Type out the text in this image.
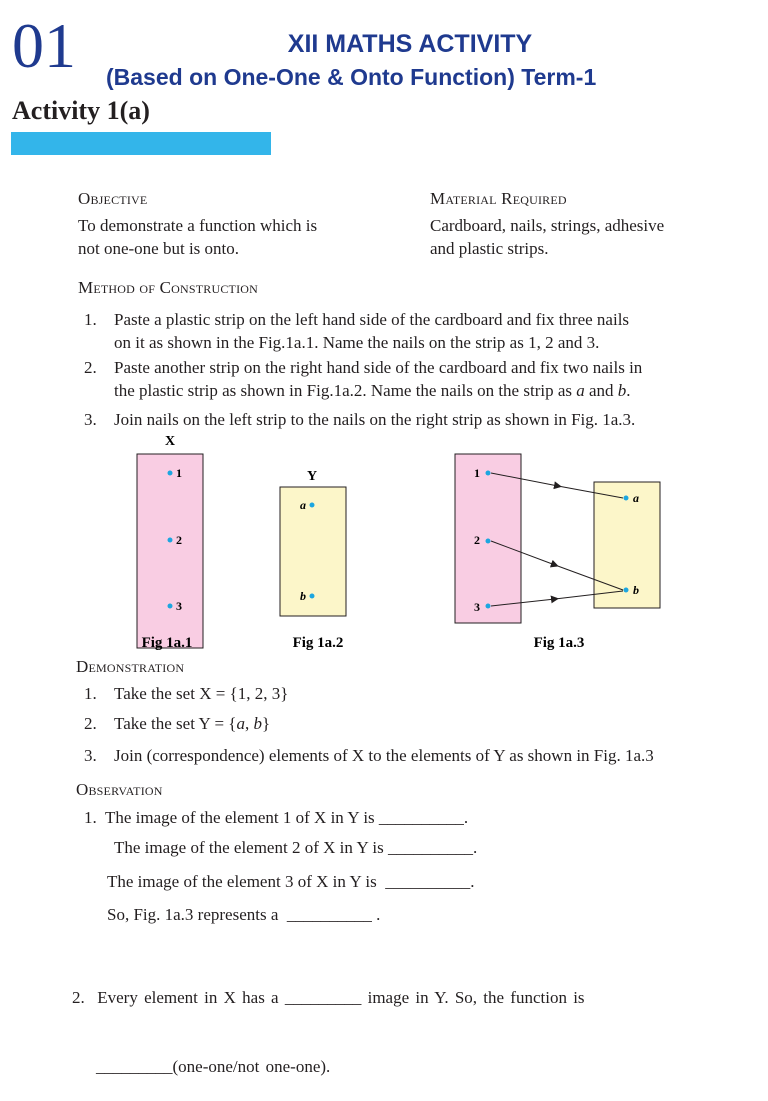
01	XII MATHS ACTIVITY
(Based on One-One & Onto Function) Term-1
Activity 1(a)
Objective
To demonstrate a function which is
not one-one but is onto.
Material Required
Cardboard, nails, strings, adhesive
and plastic strips.
Method of Construction
1.	Paste a plastic strip on the left hand side of the cardboard and fix three nails
on it as shown in the Fig.1a.1. Name the nails on the strip as 1, 2 and 3.
2.	Paste another strip on the right hand side of the cardboard and fix two nails in
the plastic strip as shown in Fig.1a.2. Name the nails on the strip as a and b.
3.	Join nails on the left strip to the nails on the right strip as shown in Fig. 1a.3.
X
1
2
3
Y
a
b
1
2
3
a
b
Fig 1a.1	Fig 1a.2	Fig 1a.3
Demonstration
1.	Take the set X = {1, 2, 3}
2.	Take the set Y = {a, b}
3.	Join (correspondence) elements of X to the elements of Y as shown in Fig. 1a.3
Observation
1.  The image of the element 1 of X in Y is __________.
The image of the element 2 of X in Y is __________.
The image of the element 3 of X in Y is  __________.
So, Fig. 1a.3 represents a  __________ .

2.  Every element in X has a _________ image in Y. So, the function is

_________(one-one/not one-one).
